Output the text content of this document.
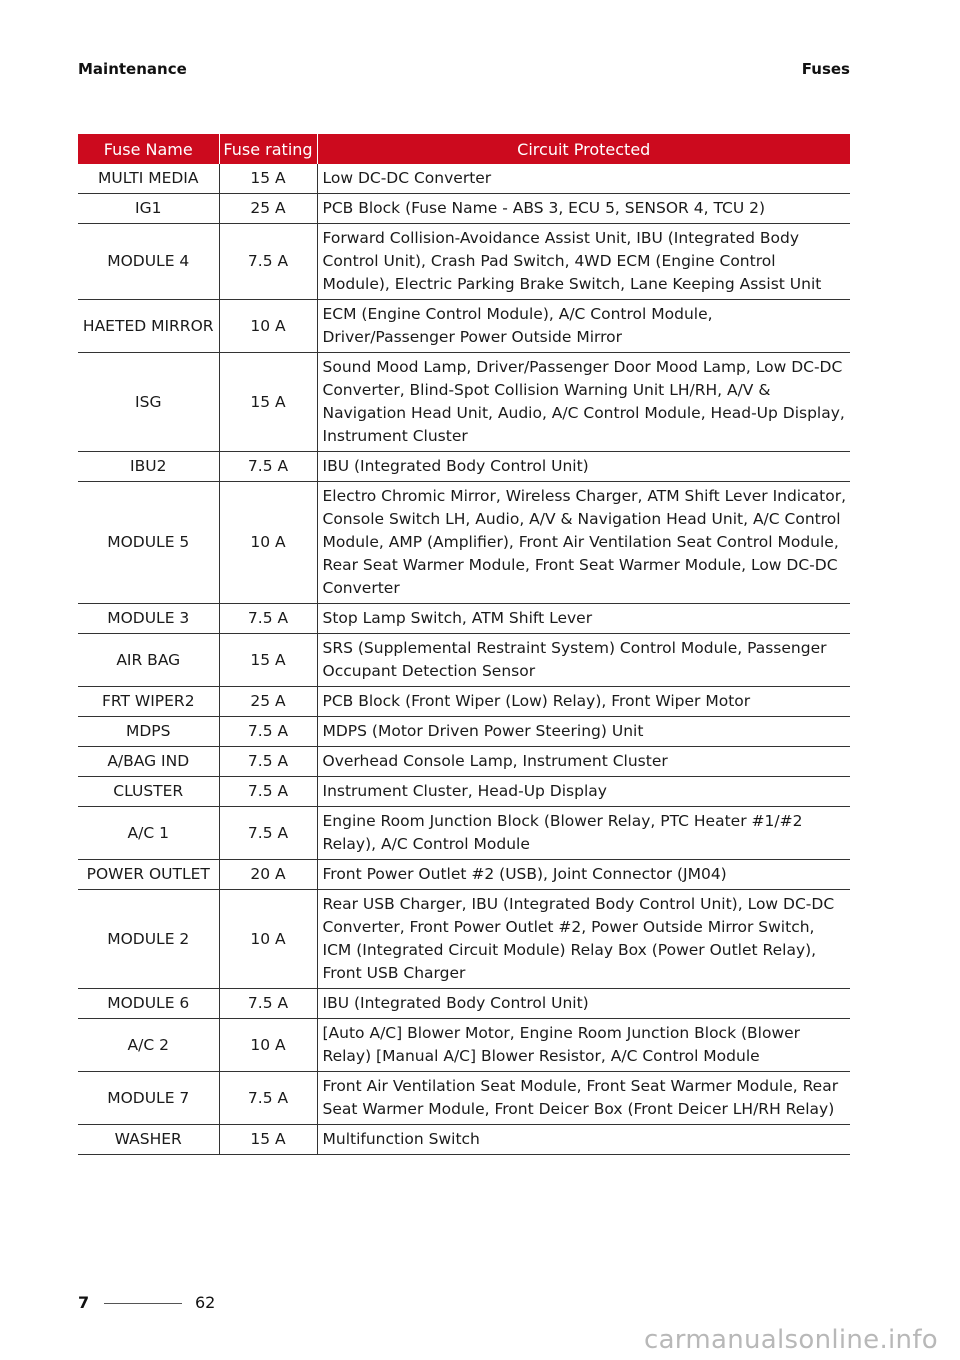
Maintenance	Fuses
Fuse Name	Fuse rating	Circuit Protected
MULTI MEDIA	15 A	Low DC-DC Converter
IG1	25 A	PCB Block (Fuse Name - ABS 3, ECU 5, SENSOR 4, TCU 2)
MODULE 4	7.5 A	Forward Collision-Avoidance Assist Unit, IBU (Integrated Body Control Unit), Crash Pad Switch, 4WD ECM (Engine Control Module), Electric Parking Brake Switch, Lane Keeping Assist Unit
HAETED MIRROR	10 A	ECM (Engine Control Module), A/C Control Module, Driver/Passenger Power Outside Mirror
ISG	15 A	Sound Mood Lamp, Driver/Passenger Door Mood Lamp, Low DC-DC Converter, Blind-Spot Collision Warning Unit LH/RH, A/V & Navigation Head Unit, Audio, A/C Control Module, Head-Up Display, Instrument Cluster
IBU2	7.5 A	IBU (Integrated Body Control Unit)
MODULE 5	10 A	Electro Chromic Mirror, Wireless Charger, ATM Shift Lever Indicator, Console Switch LH, Audio, A/V & Navigation Head Unit, A/C Control Module, AMP (Amplifier), Front Air Ventilation Seat Control Module, Rear Seat Warmer Module, Front Seat Warmer Module, Low DC-DC Converter
MODULE 3	7.5 A	Stop Lamp Switch, ATM Shift Lever
AIR BAG	15 A	SRS (Supplemental Restraint System) Control Module, Passenger Occupant Detection Sensor
FRT WIPER2	25 A	PCB Block (Front Wiper (Low) Relay), Front Wiper Motor
MDPS	7.5 A	MDPS (Motor Driven Power Steering) Unit
A/BAG IND	7.5 A	Overhead Console Lamp, Instrument Cluster
CLUSTER	7.5 A	Instrument Cluster, Head-Up Display
A/C 1	7.5 A	Engine Room Junction Block (Blower Relay, PTC Heater #1/#2 Relay), A/C Control Module
POWER OUTLET	20 A	Front Power Outlet #2 (USB), Joint Connector (JM04)
MODULE 2	10 A	Rear USB Charger, IBU (Integrated Body Control Unit), Low DC-DC Converter, Front Power Outlet #2, Power Outside Mirror Switch, ICM (Integrated Circuit Module) Relay Box (Power Outlet Relay), Front USB Charger
MODULE 6	7.5 A	IBU (Integrated Body Control Unit)
A/C 2	10 A	[Auto A/C] Blower Motor, Engine Room Junction Block (Blower Relay) [Manual A/C] Blower Resistor, A/C Control Module
MODULE 7	7.5 A	Front Air Ventilation Seat Module, Front Seat Warmer Module, Rear Seat Warmer Module, Front Deicer Box (Front Deicer LH/RH Relay)
WASHER	15 A	Multifunction Switch
7	62
carmanualsonline.info
